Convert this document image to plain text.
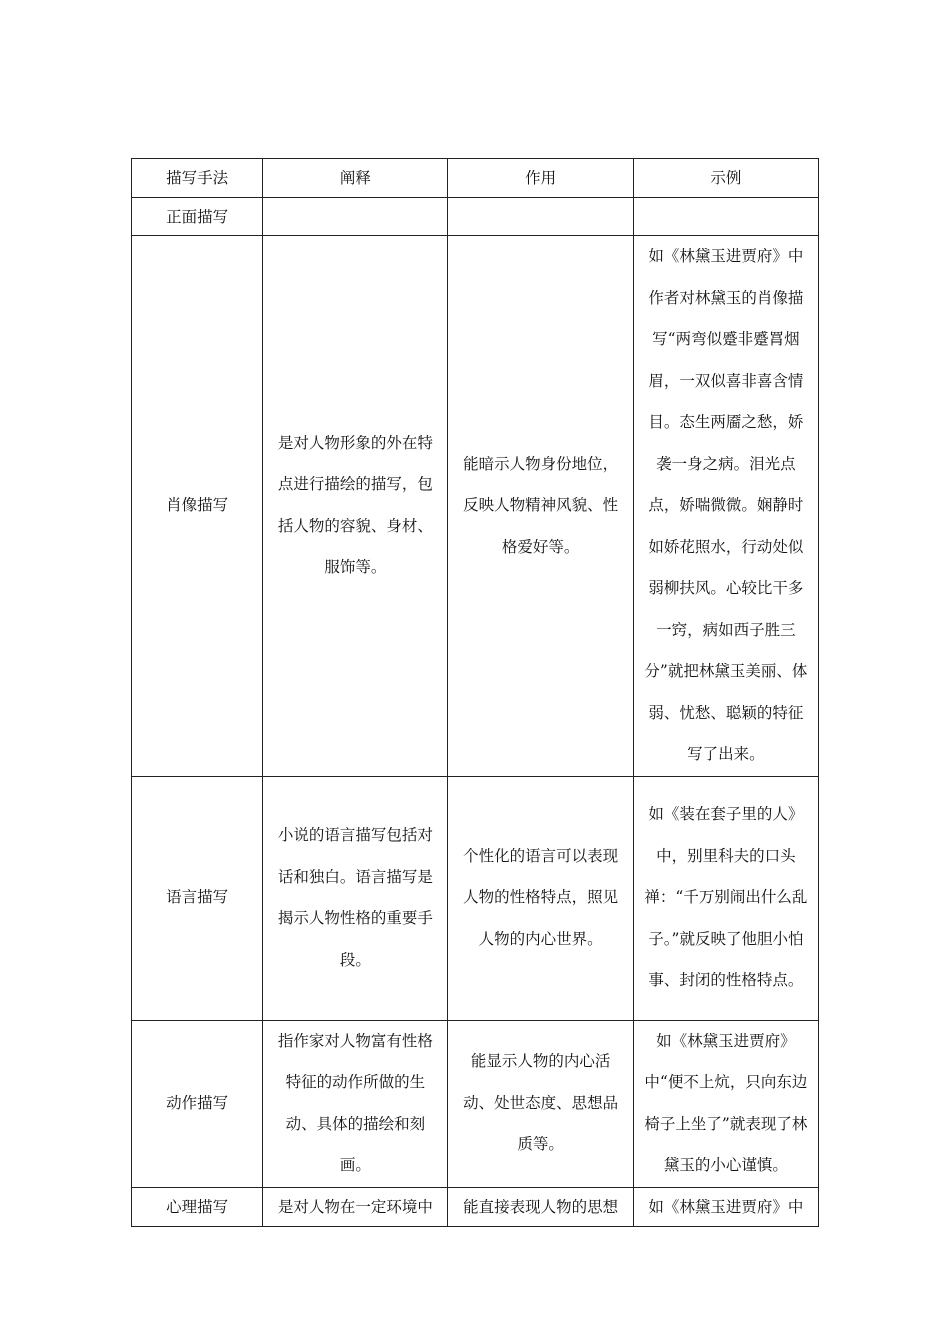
描写手法	阐释	作用	示例
正面描写			
肖像描写	是对人物形象的外在特点进行描绘的描写，包括人物的容貌、身材、服饰等。	能暗示人物身份地位，反映人物精神风貌、性格爱好等。	如《林黛玉进贾府》中作者对林黛玉的肖像描写“两弯似蹙非蹙罥烟眉，一双似喜非喜含情目。态生两靥之愁，娇袭一身之病。泪光点点，娇喘微微。娴静时如娇花照水，行动处似弱柳扶风。心较比干多一窍，病如西子胜三分”就把林黛玉美丽、体弱、忧愁、聪颖的特征写了出来。
语言描写	小说的语言描写包括对话和独白。语言描写是揭示人物性格的重要手段。	个性化的语言可以表现人物的性格特点，照见人物的内心世界。	如《装在套子里的人》中，别里科夫的口头禅：“千万别闹出什么乱子。”就反映了他胆小怕事、封闭的性格特点。
动作描写	指作家对人物富有性格特征的动作所做的生动、具体的描绘和刻画。	能显示人物的内心活动、处世态度、思想品质等。	如《林黛玉进贾府》中“便不上炕，只向东边椅子上坐了”就表现了林黛玉的小心谨慎。
心理描写	是对人物在一定环境中	能直接表现人物的思想	如《林黛玉进贾府》中
